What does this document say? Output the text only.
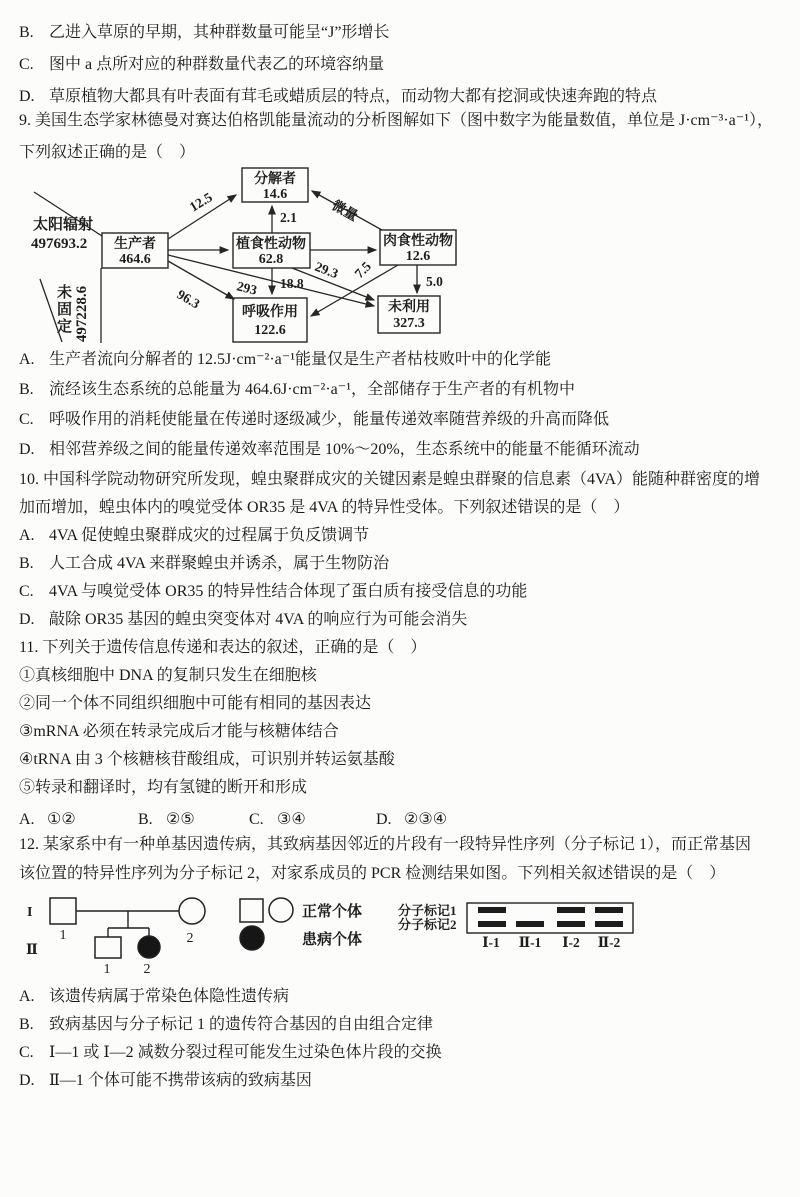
B. 乙进入草原的早期，其种群数量可能呈“J”形增长

C. 图中 a 点所对应的种群数量代表乙的环境容纳量

D. 草原植物大都具有叶表面有茸毛或蜡质层的特点，而动物大都有挖洞或快速奔跑的特点

9. 美国生态学家林德曼对赛达伯格凯能量流动的分析图解如下（图中数字为能量数值，单位是 J·cm⁻³·a⁻¹），

下列叙述正确的是（　）

太阳辐射
497693.2
未固定 497228.6
生产者
464.6
分解者
14.6
植食性动物
62.8
肉食性动物
12.6
呼吸作用
122.6
未利用
327.3
12.5
96.3 293
2.1
18.8
29.3
微量
7.5
5.0

A. 生产者流向分解者的 12.5J·cm⁻²·a⁻¹能量仅是生产者枯枝败叶中的化学能

B. 流经该生态系统的总能量为 464.6J·cm⁻²·a⁻¹，全部储存于生产者的有机物中

C. 呼吸作用的消耗使能量在传递时逐级减少，能量传递效率随营养级的升高而降低

D. 相邻营养级之间的能量传递效率范围是 10%～20%，生态系统中的能量不能循环流动

10. 中国科学院动物研究所发现，蝗虫聚群成灾的关键因素是蝗虫群聚的信息素（4VA）能随种群密度的增

加而增加，蝗虫体内的嗅觉受体 OR35 是 4VA 的特异性受体。下列叙述错误的是（　）

A. 4VA 促使蝗虫聚群成灾的过程属于负反馈调节

B. 人工合成 4VA 来群聚蝗虫并诱杀，属于生物防治

C. 4VA 与嗅觉受体 OR35 的特异性结合体现了蛋白质有接受信息的功能

D. 敲除 OR35 基因的蝗虫突变体对 4VA 的响应行为可能会消失

11. 下列关于遗传信息传递和表达的叙述，正确的是（　）

①真核细胞中 DNA 的复制只发生在细胞核

②同一个体不同组织细胞中可能有相同的基因表达

③mRNA 必须在转录完成后才能与核糖体结合

④tRNA 由 3 个核糖核苷酸组成，可识别并转运氨基酸

⑤转录和翻译时，均有氢键的断开和形成

A. ①②	B. ②⑤	C. ③④	D. ②③④

12. 某家系中有一种单基因遗传病，其致病基因邻近的片段有一段特异性序列（分子标记 1），而正常基因

该位置的特异性序列为分子标记 2，对家系成员的 PCR 检测结果如图。下列相关叙述错误的是（　）

I
Ⅱ
1	2
1 2
正常个体
患病个体
分子标记1
分子标记2
Ⅰ-1 Ⅱ-1 Ⅰ-2 Ⅱ-2

A. 该遗传病属于常染色体隐性遗传病

B. 致病基因与分子标记 1 的遗传符合基因的自由组合定律

C. Ⅰ—1 或 Ⅰ—2 减数分裂过程可能发生过染色体片段的交换

D. Ⅱ—1 个体可能不携带该病的致病基因
